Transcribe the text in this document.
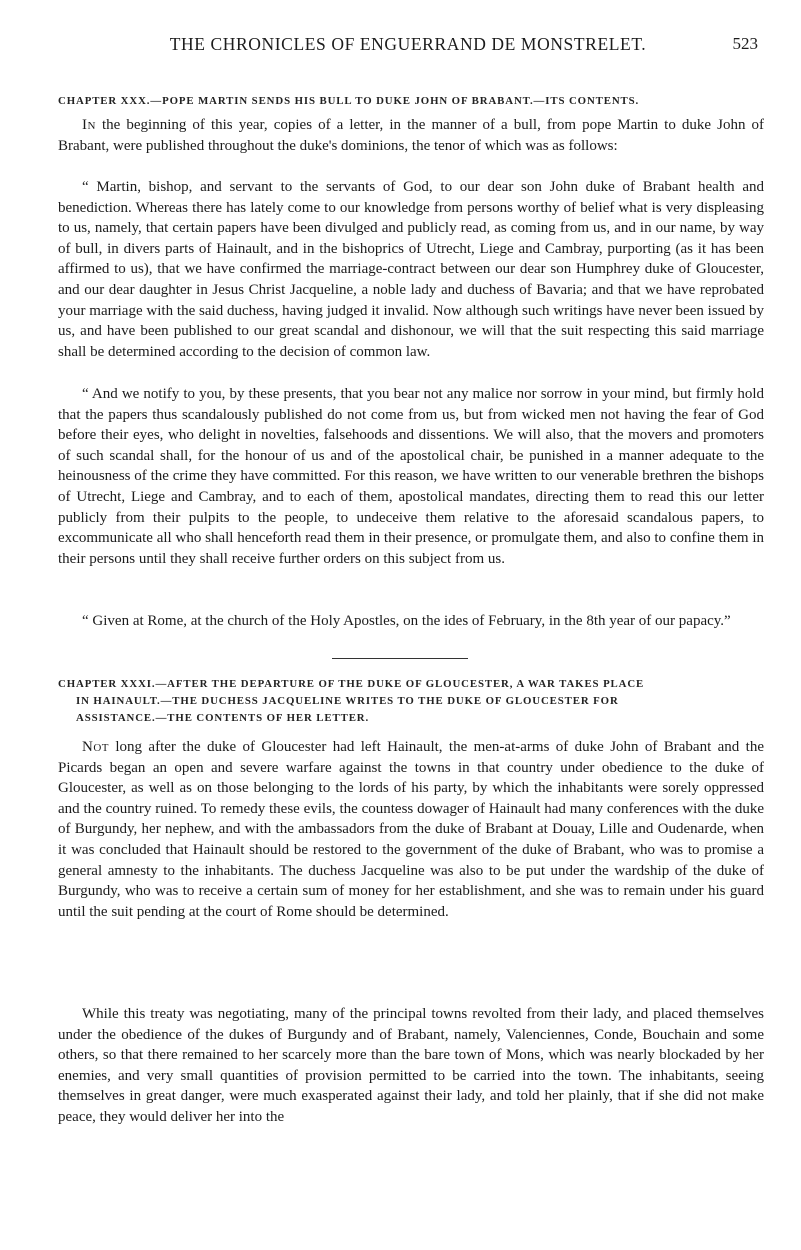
THE CHRONICLES OF ENGUERRAND DE MONSTRELET.	523
CHAPTER XXX.—POPE MARTIN SENDS HIS BULL TO DUKE JOHN OF BRABANT.—ITS CONTENTS.
In the beginning of this year, copies of a letter, in the manner of a bull, from pope Martin to duke John of Brabant, were published throughout the duke's dominions, the tenor of which was as follows:
“ Martin, bishop, and servant to the servants of God, to our dear son John duke of Brabant health and benediction. Whereas there has lately come to our knowledge from persons worthy of belief what is very displeasing to us, namely, that certain papers have been divulged and publicly read, as coming from us, and in our name, by way of bull, in divers parts of Hainault, and in the bishoprics of Utrecht, Liege and Cambray, purporting (as it has been affirmed to us), that we have confirmed the marriage-contract between our dear son Humphrey duke of Gloucester, and our dear daughter in Jesus Christ Jacqueline, a noble lady and duchess of Bavaria; and that we have reprobated your marriage with the said duchess, having judged it invalid. Now although such writings have never been issued by us, and have been published to our great scandal and dishonour, we will that the suit respecting this said marriage shall be determined according to the decision of common law.
“ And we notify to you, by these presents, that you bear not any malice nor sorrow in your mind, but firmly hold that the papers thus scandalously published do not come from us, but from wicked men not having the fear of God before their eyes, who delight in novelties, falsehoods and dissentions. We will also, that the movers and promoters of such scandal shall, for the honour of us and of the apostolical chair, be punished in a manner adequate to the heinousness of the crime they have committed. For this reason, we have written to our venerable brethren the bishops of Utrecht, Liege and Cambray, and to each of them, apostolical mandates, directing them to read this our letter publicly from their pulpits to the people, to undeceive them relative to the aforesaid scandalous papers, to excommunicate all who shall henceforth read them in their presence, or promulgate them, and also to confine them in their persons until they shall receive further orders on this subject from us.
“ Given at Rome, at the church of the Holy Apostles, on the ides of February, in the 8th year of our papacy.”
CHAPTER XXXI.—AFTER THE DEPARTURE OF THE DUKE OF GLOUCESTER, A WAR TAKES PLACE
IN HAINAULT.—THE DUCHESS JACQUELINE WRITES TO THE DUKE OF GLOUCESTER FOR
ASSISTANCE.—THE CONTENTS OF HER LETTER.
Not long after the duke of Gloucester had left Hainault, the men-at-arms of duke John of Brabant and the Picards began an open and severe warfare against the towns in that country under obedience to the duke of Gloucester, as well as on those belonging to the lords of his party, by which the inhabitants were sorely oppressed and the country ruined. To remedy these evils, the countess dowager of Hainault had many conferences with the duke of Burgundy, her nephew, and with the ambassadors from the duke of Brabant at Douay, Lille and Oudenarde, when it was concluded that Hainault should be restored to the government of the duke of Brabant, who was to promise a general amnesty to the inhabitants. The duchess Jacqueline was also to be put under the wardship of the duke of Burgundy, who was to receive a certain sum of money for her establishment, and she was to remain under his guard until the suit pending at the court of Rome should be determined.
While this treaty was negotiating, many of the principal towns revolted from their lady, and placed themselves under the obedience of the dukes of Burgundy and of Brabant, namely, Valenciennes, Conde, Bouchain and some others, so that there remained to her scarcely more than the bare town of Mons, which was nearly blockaded by her enemies, and very small quantities of provision permitted to be carried into the town. The inhabitants, seeing themselves in great danger, were much exasperated against their lady, and told her plainly, that if she did not make peace, they would deliver her into the
